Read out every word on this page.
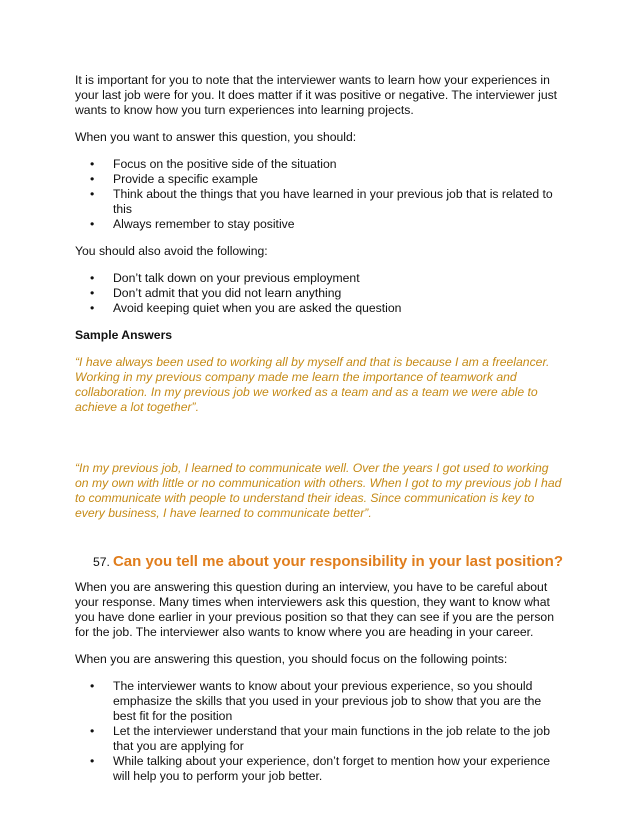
It is important for you to note that the interviewer wants to learn how your experiences in your last job were for you. It does matter if it was positive or negative. The interviewer just wants to know how you turn experiences into learning projects.

When you want to answer this question, you should:

• Focus on the positive side of the situation
• Provide a specific example
• Think about the things that you have learned in your previous job that is related to this
• Always remember to stay positive

You should also avoid the following:

• Don’t talk down on your previous employment
• Don’t admit that you did not learn anything
• Avoid keeping quiet when you are asked the question

Sample Answers

“I have always been used to working all by myself and that is because I am a freelancer. Working in my previous company made me learn the importance of teamwork and collaboration. In my previous job we worked as a team and as a team we were able to achieve a lot together”.

“In my previous job, I learned to communicate well. Over the years I got used to working on my own with little or no communication with others. When I got to my previous job I had to communicate with people to understand their ideas. Since communication is key to every business, I have learned to communicate better”.

57. Can you tell me about your responsibility in your last position?

When you are answering this question during an interview, you have to be careful about your response. Many times when interviewers ask this question, they want to know what you have done earlier in your previous position so that they can see if you are the person for the job. The interviewer also wants to know where you are heading in your career.

When you are answering this question, you should focus on the following points:

• The interviewer wants to know about your previous experience, so you should emphasize the skills that you used in your previous job to show that you are the best fit for the position
• Let the interviewer understand that your main functions in the job relate to the job that you are applying for
• While talking about your experience, don’t forget to mention how your experience will help you to perform your job better.
